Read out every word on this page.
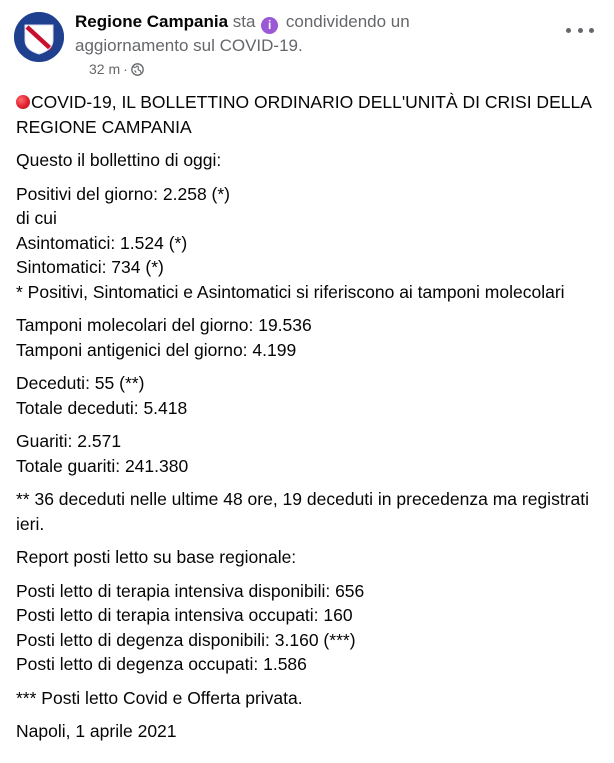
Regione Campania sta i condividendo un aggiornamento sul COVID-19.
32 m ·

COVID-19, IL BOLLETTINO ORDINARIO DELL'UNITÀ DI CRISI DELLA REGIONE CAMPANIA

Questo il bollettino di oggi:

Positivi del giorno: 2.258 (*)
di cui
Asintomatici: 1.524 (*)
Sintomatici: 734 (*)
* Positivi, Sintomatici e Asintomatici si riferiscono ai tamponi molecolari

Tamponi molecolari del giorno: 19.536
Tamponi antigenici del giorno: 4.199

Deceduti: 55 (**)
Totale deceduti: 5.418

Guariti: 2.571
Totale guariti: 241.380

** 36 deceduti nelle ultime 48 ore, 19 deceduti in precedenza ma registrati ieri.

Report posti letto su base regionale:

Posti letto di terapia intensiva disponibili: 656
Posti letto di terapia intensiva occupati: 160
Posti letto di degenza disponibili: 3.160 (***)
Posti letto di degenza occupati: 1.586

*** Posti letto Covid e Offerta privata.

Napoli, 1 aprile 2021
